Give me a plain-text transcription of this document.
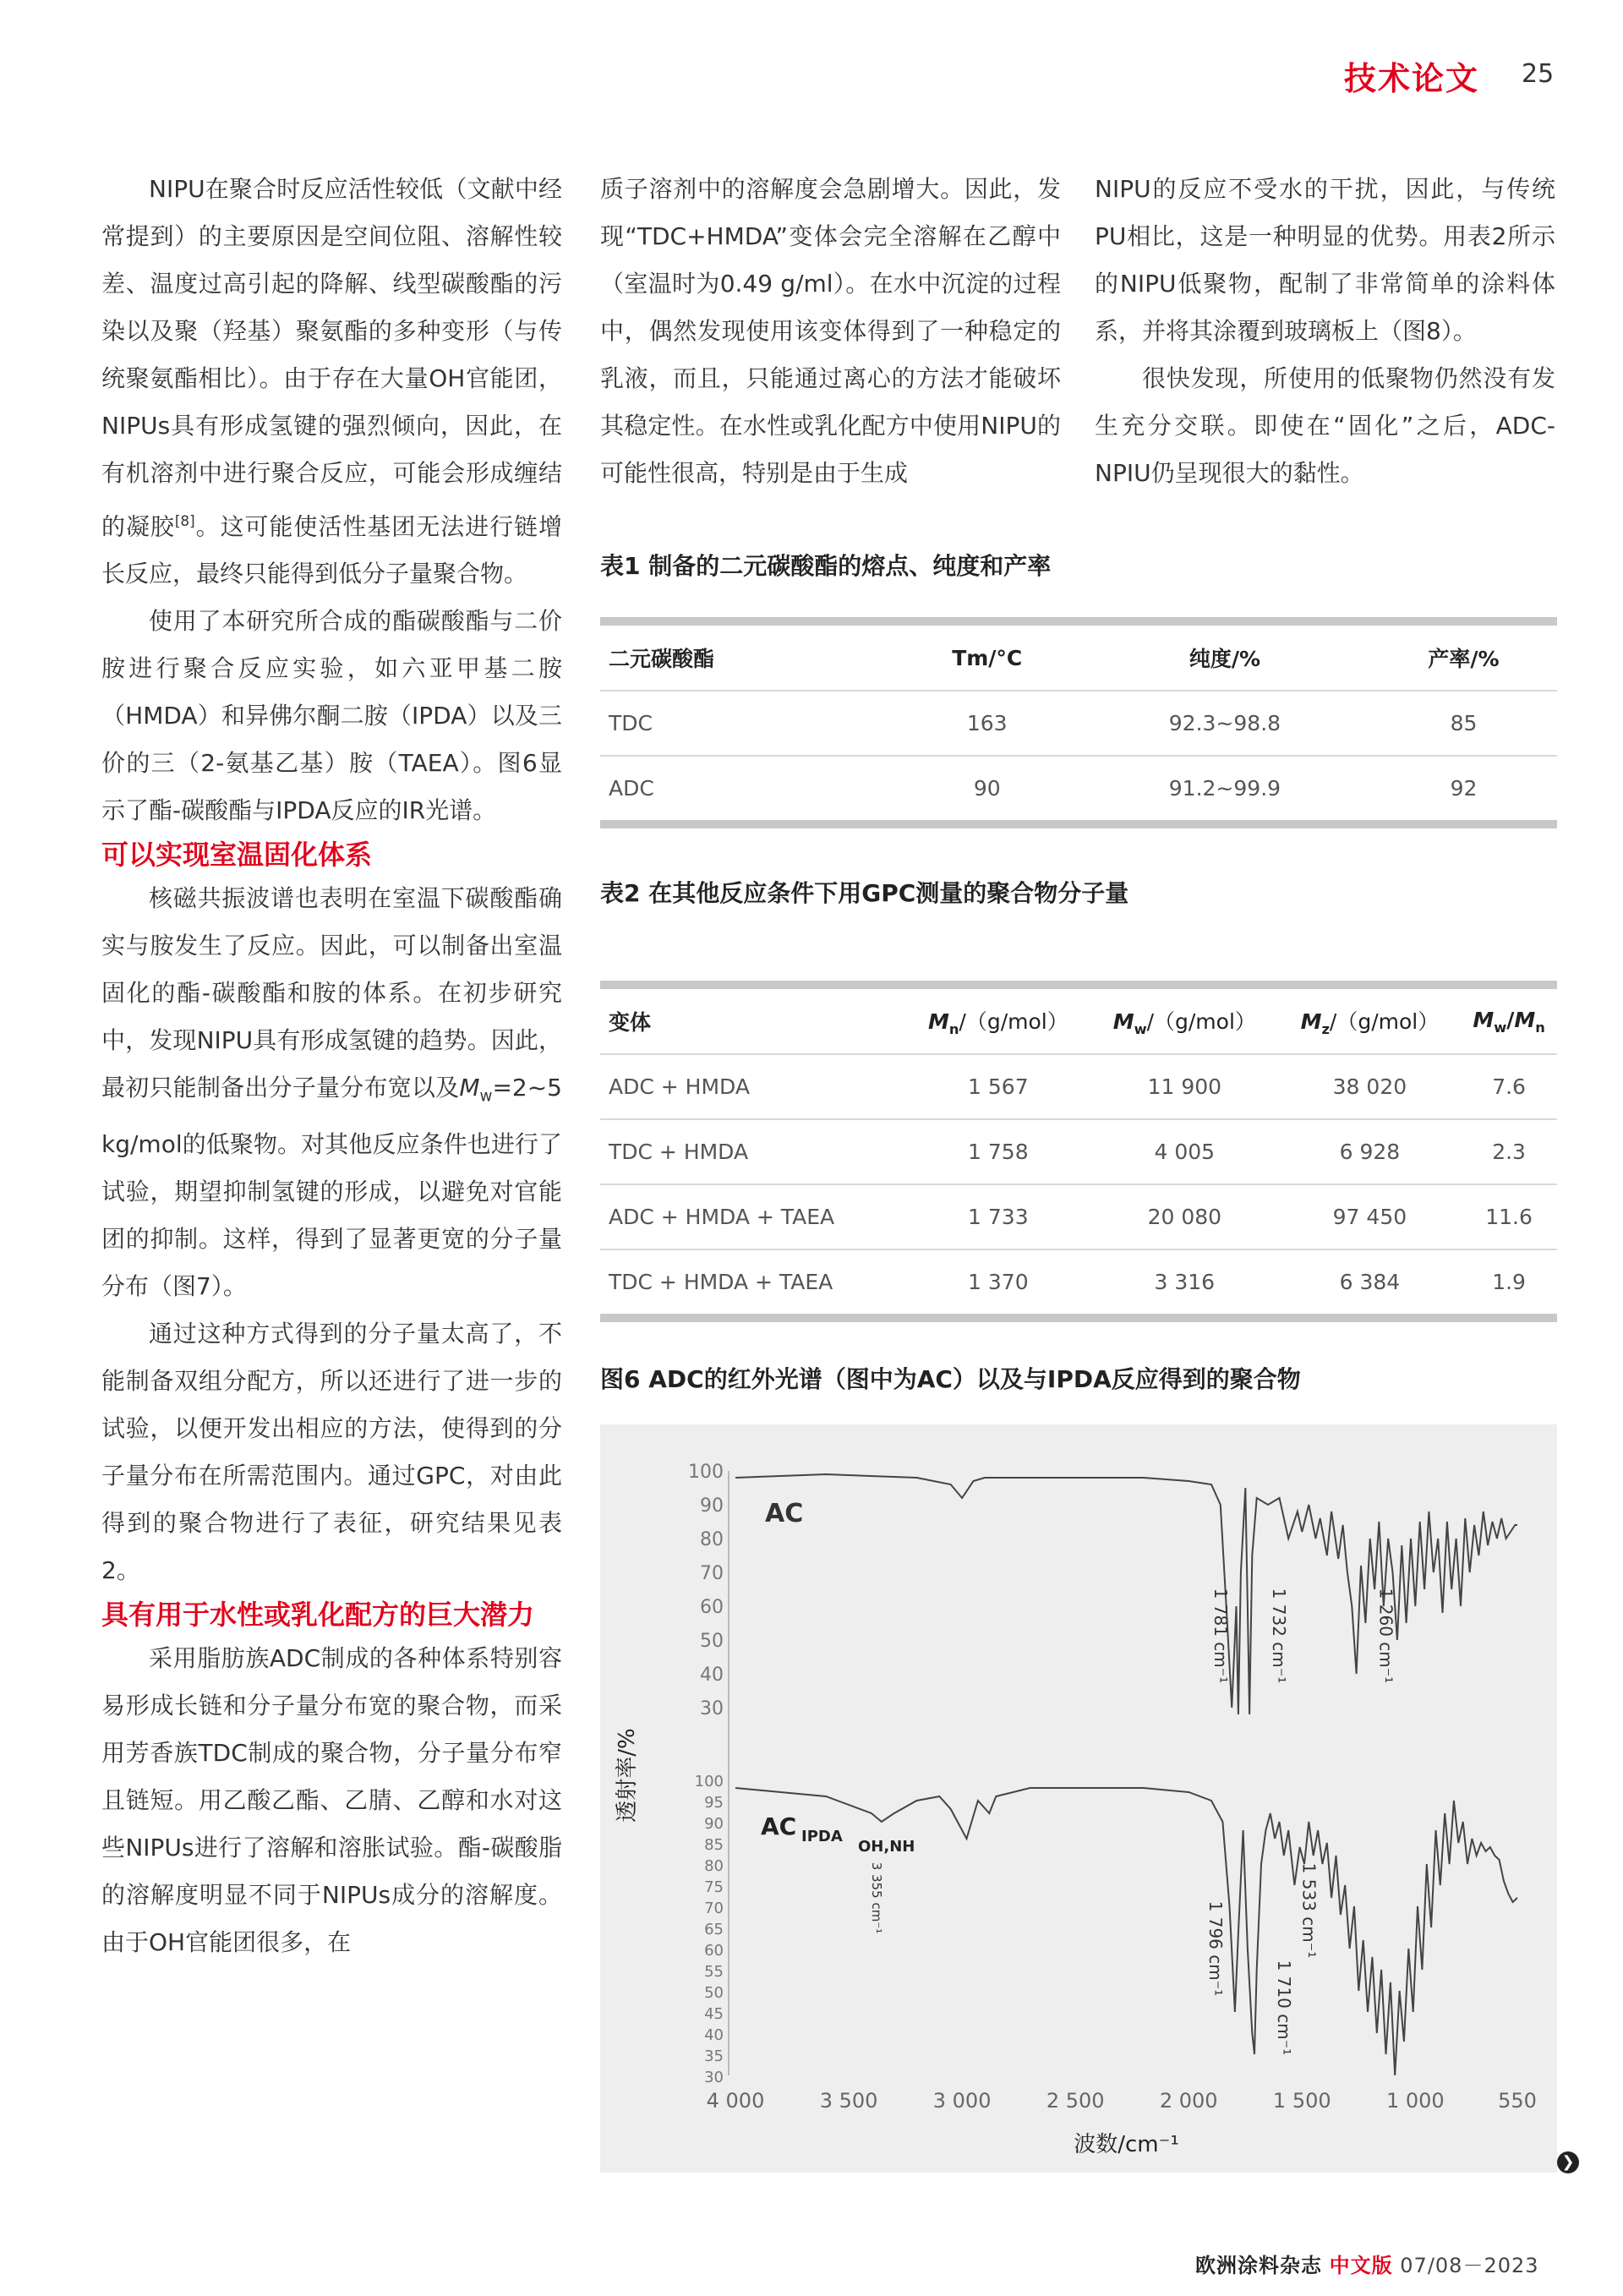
技术论文 25

NIPU在聚合时反应活性较低（文献中经常提到）的主要原因是空间位阻、溶解性较差、温度过高引起的降解、线型碳酸酯的污染以及聚（羟基）聚氨酯的多种变形（与传统聚氨酯相比）。由于存在大量OH官能团，NIPUs具有形成氢键的强烈倾向，因此，在有机溶剂中进行聚合反应，可能会形成缠结的凝胶[8]。这可能使活性基团无法进行链增长反应，最终只能得到低分子量聚合物。

使用了本研究所合成的酯碳酸酯与二价胺进行聚合反应实验，如六亚甲基二胺（HMDA）和异佛尔酮二胺（IPDA）以及三价的三（2-氨基乙基）胺（TAEA）。图6显示了酯-碳酸酯与IPDA反应的IR光谱。

可以实现室温固化体系

核磁共振波谱也表明在室温下碳酸酯确实与胺发生了反应。因此，可以制备出室温固化的酯-碳酸酯和胺的体系。在初步研究中，发现NIPU具有形成氢键的趋势。因此，最初只能制备出分子量分布宽以及$M_w=2\sim 5$ kg/mol的低聚物。对其他反应条件也进行了试验，期望抑制氢键的形成，以避免对官能团的抑制。这样，得到了显著更宽的分子量分布（图7）。

通过这种方式得到的分子量太高了，不能制备双组分配方，所以还进行了进一步的试验，以便开发出相应的方法，使得到的分子量分布在所需范围内。通过GPC，对由此得到的聚合物进行了表征，研究结果见表2。

具有用于水性或乳化配方的巨大潜力

采用脂肪族ADC制成的各种体系特别容易形成长链和分子量分布宽的聚合物，而采用芳香族TDC制成的聚合物，分子量分布窄且链短。用乙酸乙酯、乙腈、乙醇和水对这些NIPUs进行了溶解和溶胀试验。酯-碳酸脂的溶解度明显不同于NIPUs成分的溶解度。由于OH官能团很多，在

质子溶剂中的溶解度会急剧增大。因此，发现“TDC+HMDA”变体会完全溶解在乙醇中（室温时为0.49 g/ml）。在水中沉淀的过程中，偶然发现使用该变体得到了一种稳定的乳液，而且，只能通过离心的方法才能破坏其稳定性。在水性或乳化配方中使用NIPU的可能性很高，特别是由于生成

NIPU的反应不受水的干扰，因此，与传统PU相比，这是一种明显的优势。用表2所示的NIPU低聚物，配制了非常简单的涂料体系，并将其涂覆到玻璃板上（图8）。

很快发现，所使用的低聚物仍然没有发生充分交联。即使在“固化”之后，ADC-NPIU仍呈现很大的黏性。

表1 制备的二元碳酸酯的熔点、纯度和产率
二元碳酸酯	Tm/°C	纯度/%	产率/%
TDC	163	92.3~98.8	85
ADC	90	91.2~99.9	92
表2 在其他反应条件下用GPC测量的聚合物分子量
变体	$M_n/(g/mol)$	$M_w/(g/mol)$	$M_z/(g/mol)$	$M_w/M_n$
ADC + HMDA	1 567	11 900	38 020	7.6
TDC + HMDA	1 758	4 005	6 928	2.3
ADC + HMDA + TAEA	1 733	20 080	97 450	11.6
TDC + HMDA + TAEA	1 370	3 316	6 384	1.9
图6 ADC的红外光谱（图中为AC）以及与IPDA反应得到的聚合物
100
90
80
70
60
50
40
30
100
95
90
85
80
75
70
65
60
55
50
45
40
35
30
AC
AC IPDA
1 781 cm⁻¹ 1 732 cm⁻¹	1 260 cm⁻¹
OH,NH
3 355 cm⁻¹
1 796 cm⁻¹
1 710 cm⁻¹
1 533 cm⁻¹
4 000	3 500	3 000	2 500	2 000	1 500	1 000	550
波数/cm⁻¹
透射率/%
欧洲涂料杂志 中文版 07/08－2023
❯
